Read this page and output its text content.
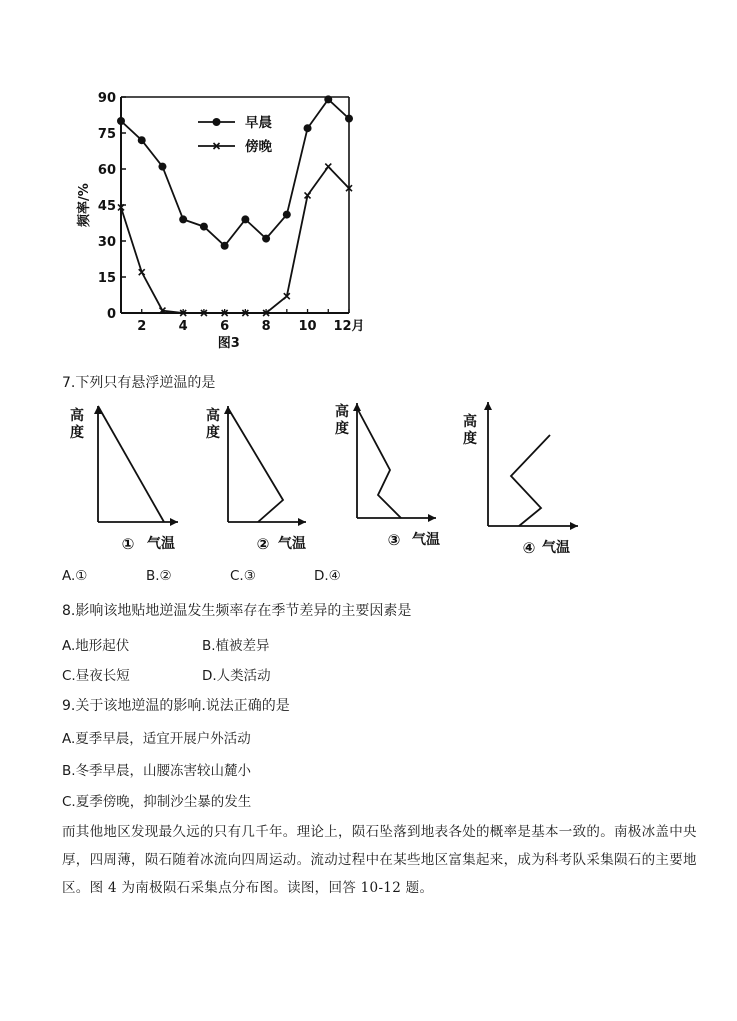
0
15
30
45
60
75
90
2 4 6 8 10 12月
频率/%
图3
早晨
傍晚
7.下列只有悬浮逆温的是
高
度
① 气温
高
度
② 气温
高
度
③ 气温
高
度
④ 气温
A.①	B.②	C.③	D.④
8.影响该地贴地逆温发生频率存在季节差异的主要因素是
A.地形起伏	B.植被差异
C.昼夜长短	D.人类活动
9.关于该地逆温的影响.说法正确的是
A.夏季早晨，适宜开展户外活动
B.冬季早晨，山腰冻害较山麓小
C.夏季傍晚，抑制沙尘暴的发生
而其他地区发现最久远的只有几千年。理论上，陨石坠落到地表各处的概率是基本一致的。南极冰盖中央厚，四周薄，陨石随着冰流向四周运动。流动过程中在某些地区富集起来，成为科考队采集陨石的主要地区。图 4 为南极陨石采集点分布图。读图，回答 10-12 题。
